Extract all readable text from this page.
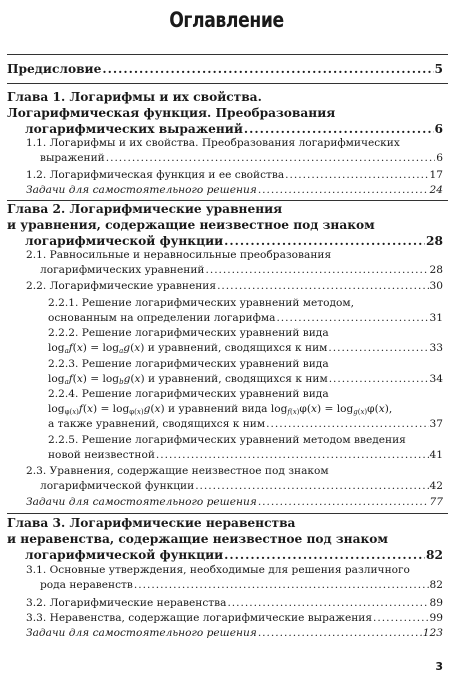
Оглавление
Предисловие .....	5
Глава 1. Логарифмы и их свойства.
Логарифмическая функция. Преобразования
логарифмических выражений .....	6
1.1. Логарифмы и их свойства. Преобразования логарифмических
выражений .....	6
1.2. Логарифмическая функция и ее свойства .....	17
Задачи для самостоятельного решения .....	24
Глава 2. Логарифмические уравнения
и уравнения, содержащие неизвестное под знаком
логарифмической функции .....	28
2.1. Равносильные и неравносильные преобразования
логарифмических уравнений .....	28
2.2. Логарифмические уравнения .....	30
2.2.1. Решение логарифмических уравнений методом,
основанным на определении логарифма .....	31
2.2.2. Решение логарифмических уравнений вида
$\log_af(x) = \log_ag(x)$ и уравнений, сводящихся к ним .....	33
2.2.3. Решение логарифмических уравнений вида
$\log_af(x) = \log_bg(x)$ и уравнений, сводящихся к ним .....	34
2.2.4. Решение логарифмических уравнений вида
$\log_{\varphi(x)}f(x) = \log_{\varphi(x)}g(x)$ и уравнений вида $\log_{f(x)}\varphi(x) = \log_{g(x)}\varphi(x)$,
а также уравнений, сводящихся к ним .....	37
2.2.5. Решение логарифмических уравнений методом введения
новой неизвестной .....	41
2.3. Уравнения, содержащие неизвестное под знаком
логарифмической функции .....	42
Задачи для самостоятельного решения .....	77
Глава 3. Логарифмические неравенства
и неравенства, содержащие неизвестное под знаком
логарифмической функции .....	82
3.1. Основные утверждения, необходимые для решения различного
рода неравенств .....	82
3.2. Логарифмические неравенства .....	89
3.3. Неравенства, содержащие логарифмические выражения .....	99
Задачи для самостоятельного решения .....	123
3
